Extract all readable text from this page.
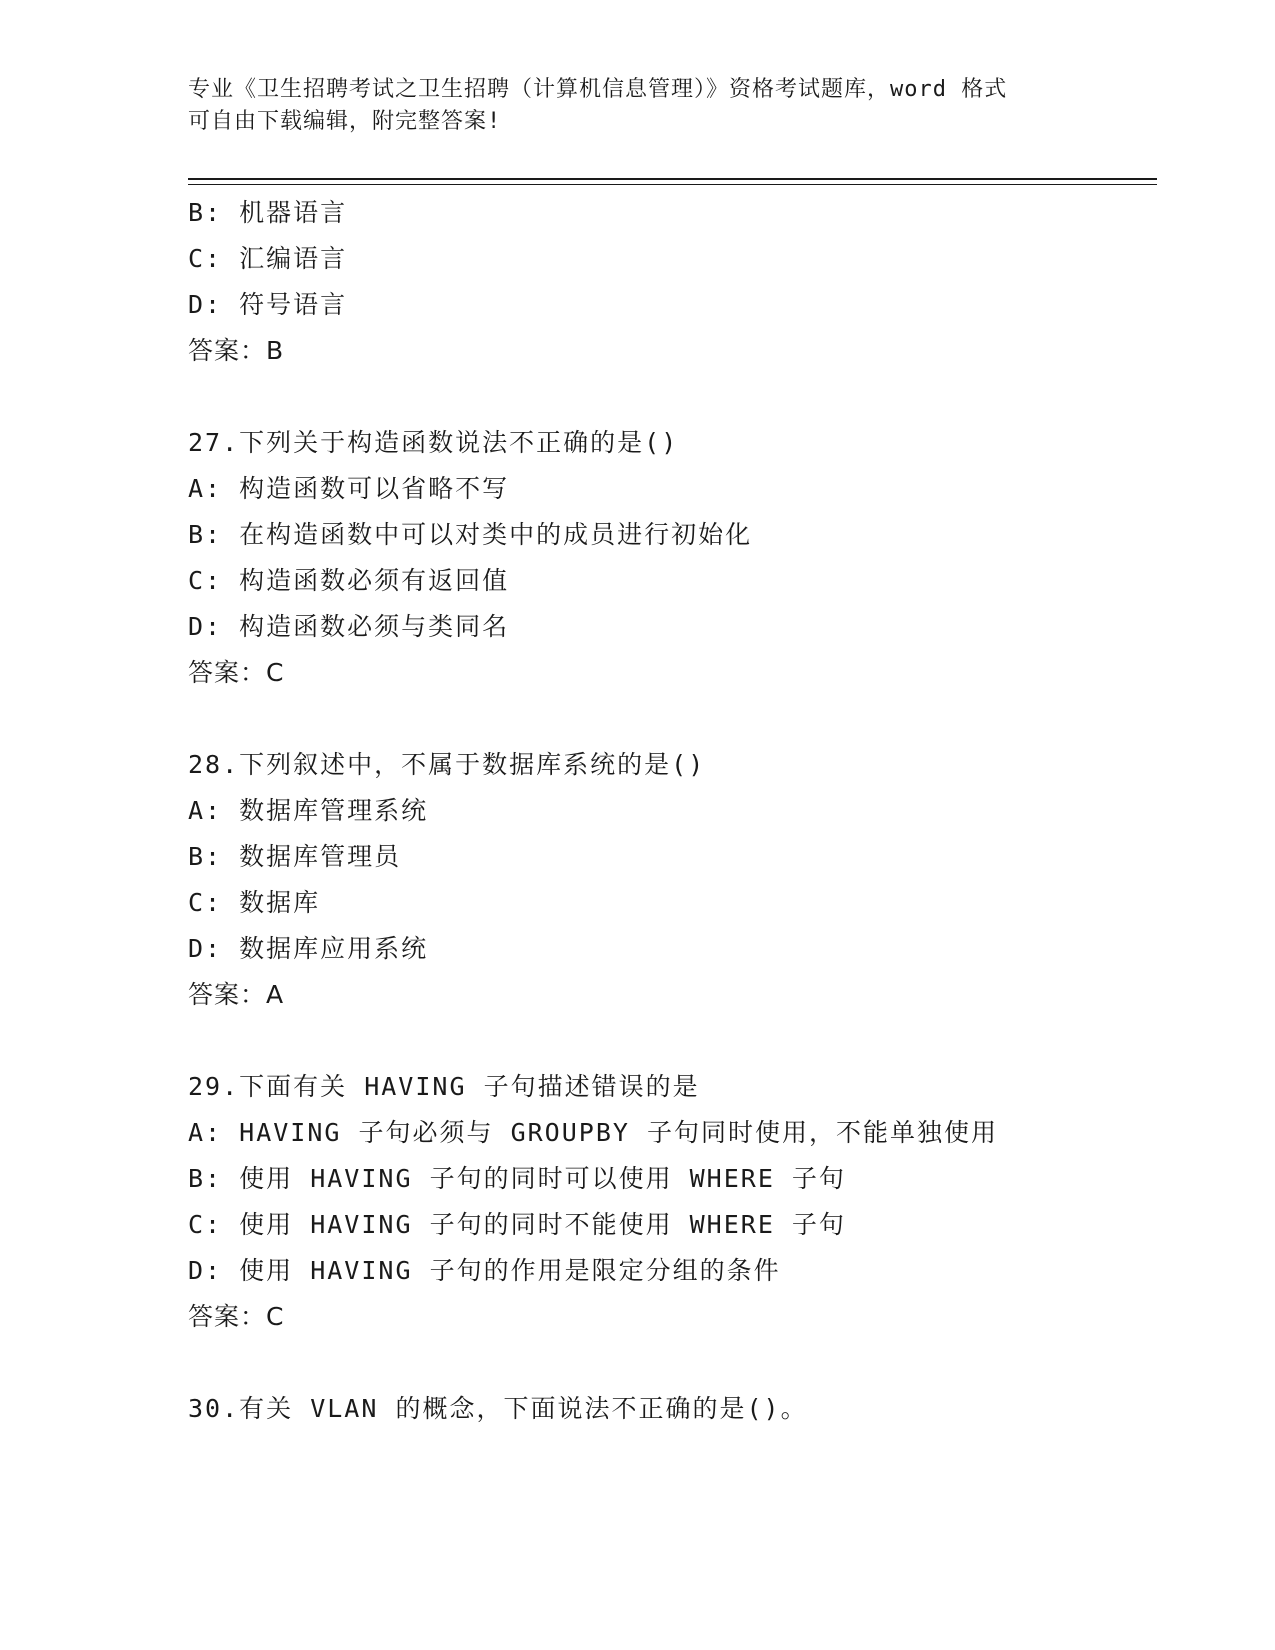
专业《卫生招聘考试之卫生招聘（计算机信息管理）》资格考试题库，word 格式
可自由下载编辑，附完整答案!
B: 机器语言
C: 汇编语言
D: 符号语言
答案：B
27.下列关于构造函数说法不正确的是()
A: 构造函数可以省略不写
B: 在构造函数中可以对类中的成员进行初始化
C: 构造函数必须有返回值
D: 构造函数必须与类同名
答案：C
28.下列叙述中，不属于数据库系统的是()
A: 数据库管理系统
B: 数据库管理员
C: 数据库
D: 数据库应用系统
答案：A
29.下面有关 HAVING 子句描述错误的是
A: HAVING 子句必须与 GROUPBY 子句同时使用，不能单独使用
B: 使用 HAVING 子句的同时可以使用 WHERE 子句
C: 使用 HAVING 子句的同时不能使用 WHERE 子句
D: 使用 HAVING 子句的作用是限定分组的条件
答案：C
30.有关 VLAN 的概念，下面说法不正确的是()。
